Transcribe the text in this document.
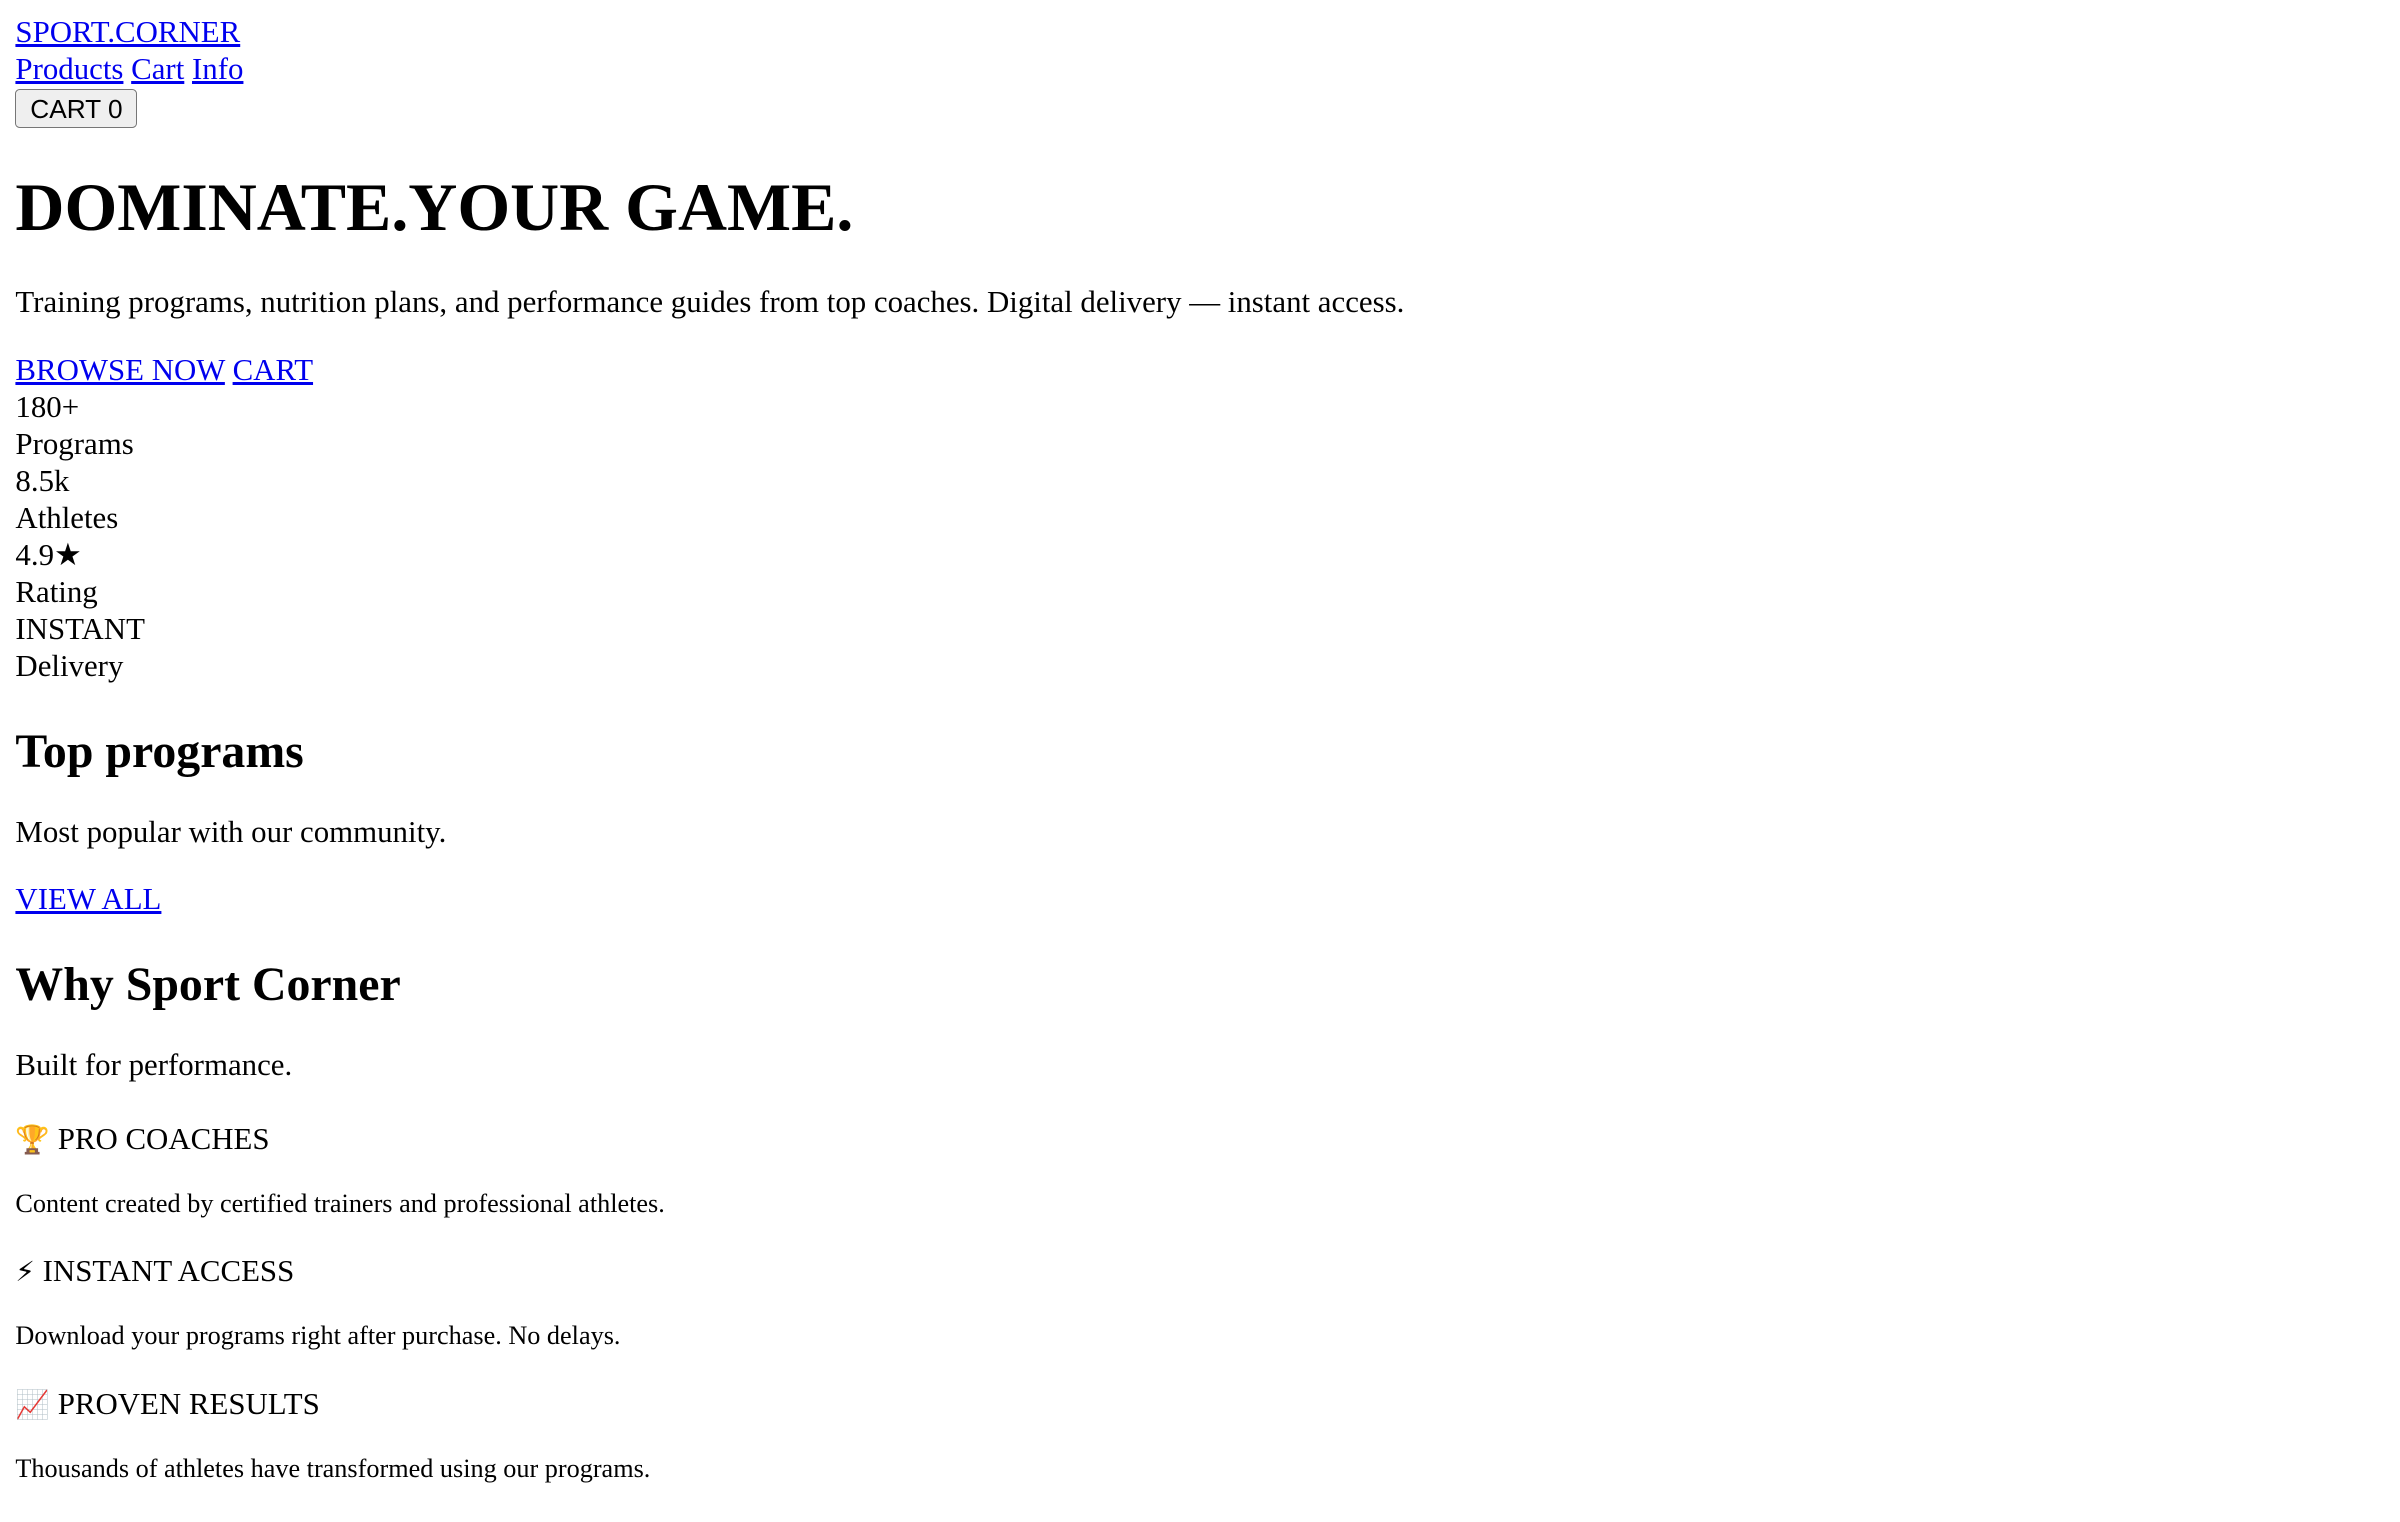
SPORT.CORNER
Products Cart Info
CART 0
DOMINATE.YOUR GAME.

Training programs, nutrition plans, and performance guides from top coaches. Digital delivery — instant access.

BROWSE NOW CART
180+
Programs
8.5k
Athletes
4.9★
Rating
INSTANT
Delivery
Top programs

Most popular with our community.

VIEW ALL
Why Sport Corner

Built for performance.

🏆 PRO COACHES
Content created by certified trainers and professional athletes.
⚡ INSTANT ACCESS
Download your programs right after purchase. No delays.
📈 PROVEN RESULTS
Thousands of athletes have transformed using our programs.
